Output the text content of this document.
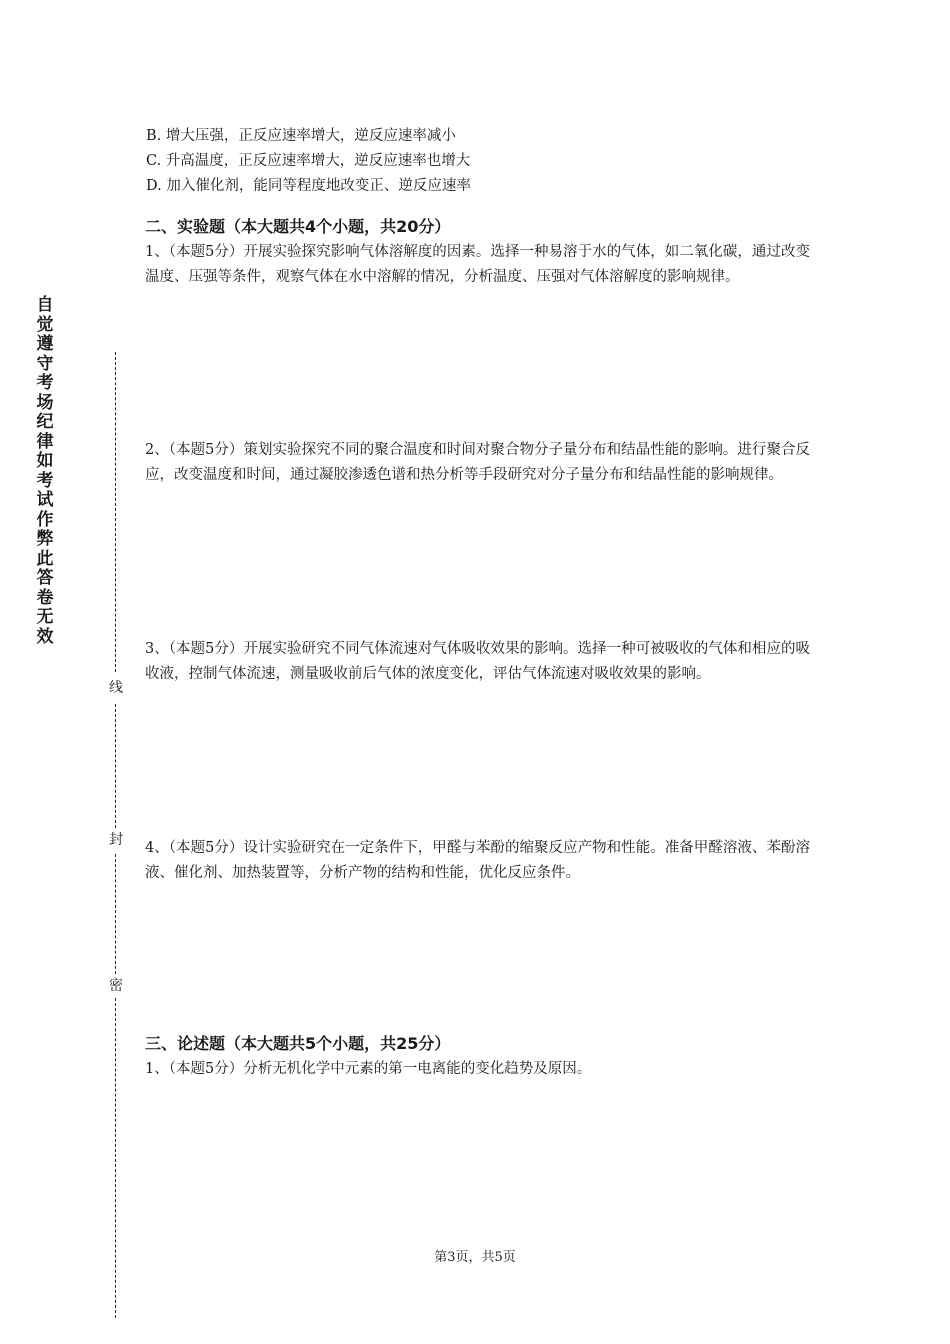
自觉遵守考场纪律如考试作弊此答卷无效
线
封
密

B. 增大压强，正反应速率增大，逆反应速率减小

C. 升高温度，正反应速率增大，逆反应速率也增大

D. 加入催化剂，能同等程度地改变正、逆反应速率

二、实验题（本大题共4个小题，共20分）

1、（本题5分）开展实验探究影响气体溶解度的因素。选择一种易溶于水的气体，如二氧化碳，通过改变温度、压强等条件，观察气体在水中溶解的情况，分析温度、压强对气体溶解度的影响规律。

2、（本题5分）策划实验探究不同的聚合温度和时间对聚合物分子量分布和结晶性能的影响。进行聚合反应，改变温度和时间，通过凝胶渗透色谱和热分析等手段研究对分子量分布和结晶性能的影响规律。

3、（本题5分）开展实验研究不同气体流速对气体吸收效果的影响。选择一种可被吸收的气体和相应的吸收液，控制气体流速，测量吸收前后气体的浓度变化，评估气体流速对吸收效果的影响。

4、（本题5分）设计实验研究在一定条件下，甲醛与苯酚的缩聚反应产物和性能。准备甲醛溶液、苯酚溶液、催化剂、加热装置等，分析产物的结构和性能，优化反应条件。

三、论述题（本大题共5个小题，共25分）

1、（本题5分）分析无机化学中元素的第一电离能的变化趋势及原因。

第3页，共5页
